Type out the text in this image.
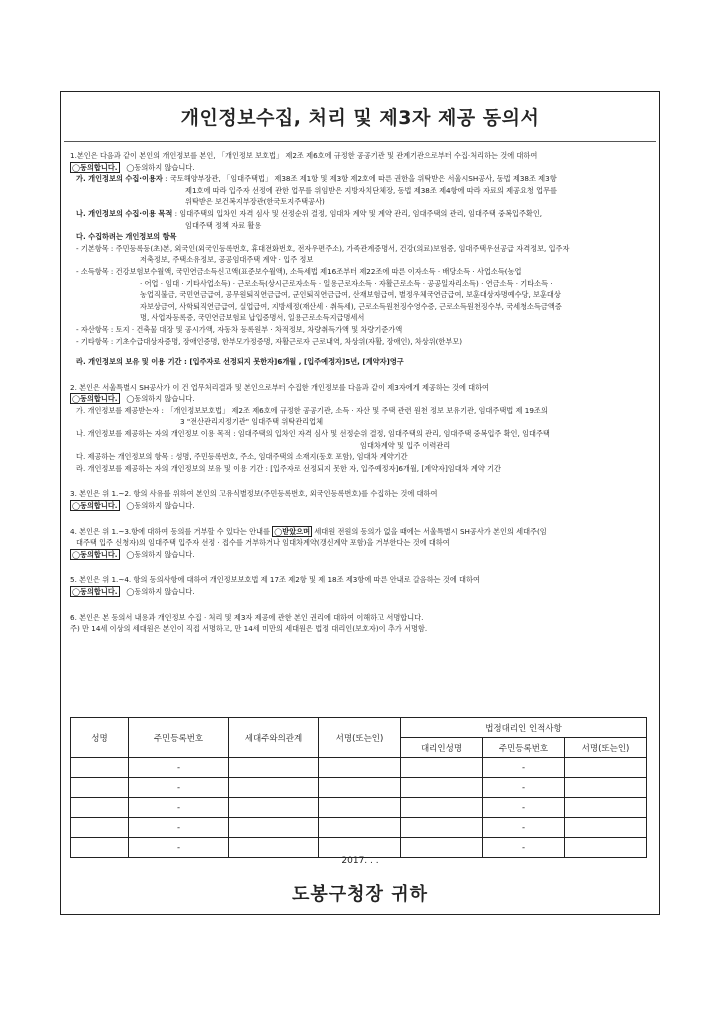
개인정보수집, 처리 및 제3자 제공 동의서
1.본인은 다음과 같이 본인의 개인정보를 본인, 「개인정보 보호법」 제2조 제6호에 규정한 공공기관 및 관계기관으로부터 수집·처리하는 것에 대하여
◯동의합니다. ◯동의하지 않습니다.
가. 개인정보의 수집·이용자 : 국토해양부장관, 「임대주택법」 제38조 제1항 및 제3항 제2호에 따른 권한을 위탁받은 서울시SH공사, 동법 제38조 제3항
제1호에 따라 입주자 선정에 관한 업무를 위임받은 지방자치단체장, 동법 제38조 제4항에 따라 자료의 제공요청 업무를
위탁받은 보건복지부장관(한국토지주택공사)
나. 개인정보의 수집·이용 목적 : 임대주택의 입차인 자격 심사 및 선정순위 결정, 임대차 계약 및 계약 관리, 임대주택의 관리, 임대주택 중복입주확인,
임대주택 정책 자료 활용
다. 수집하려는 개인정보의 항목
- 기본항목 : 주민등록등(초)본, 외국인(외국인등록번호, 휴대전화번호, 전자우편주소), 가족관계증명서, 건강(의료)보험증, 임대주택우선공급 자격정보, 입주자
저축정보, 주택소유정보, 공공임대주택 계약 · 입주 정보
- 소득항목 : 건강보험보수월액, 국민연금소득신고액(표준보수월액), 소득세법 제16조부터 제22조에 따른 이자소득 · 배당소득 · 사업소득(농업
· 어업 · 임대 · 기타사업소득) · 근로소득(상시근로자소득 · 일용근로자소득 · 자활근로소득 · 공공일자리소득) · 연금소득 · 기타소득 ·
농업직불금, 국민연금급여, 공무원퇴직연금급여, 군인퇴직연금급여, 산재보험급여, 별정우체국연금급여, 보훈대상자명예수당, 보훈대상
자보상금여, 사학퇴직연금급여, 실업급여, 지방세정(재산세 · 취득세), 근로소득원천징수영수증, 근로소득원천징수부, 국세청소득금액증
명, 사업자등록증, 국민연금보험료 납입증명서, 일용근로소득지급명세서
- 자산항목 : 토지 · 건축물 대장 및 공시가액, 자동차 등록원부 · 차적정보, 차량취득가액 및 차량기준가액
- 기타항목 : 기초수급대상자증명, 장애인증명, 한부모가정증명, 자활근로자 근로내역, 차상위(자활, 장애인), 차상위(한부모)
라. 개인정보의 보유 및 이용 기간 : [입주자로 선정되지 못한자]6개월 , [입주예정자]5년, [계약자]영구
2. 본인은 서울특별시 SH공사가 이 건 업무처리결과 및 본인으로부터 수집한 개인정보를 다음과 같이 제3자에게 제공하는 것에 대하여
◯동의합니다. ◯동의하지 않습니다.
가. 개인정보를 제공받는자 : 「개인정보보호법」 제2조 제6호에 규정한 공공기관, 소득 · 자산 및 주택 관련 원천 정보 보유기관, 임대주택법 제 19조의
3 "전산관리지정기관" 임대주택 위탁관리업체
나. 개인정보를 제공하는 자의 개인정보 이용 목적 : 임대주택의 입차인 자격 심사 및 선정순위 결정, 임대주택의 관리, 임대주택 중복입주 확인, 임대주택
임대차계약 및 입주 이력관리
다. 제공하는 개인정보의 항목 : 성명, 주민등록번호, 주소, 임대주택의 소재지(동호 포함), 임대차 계약기간
라. 개인정보를 제공하는 자의 개인정보의 보유 및 이용 기간 : [입주자로 선정되지 못한 자, 입주예정자]6개월, [계약자]임대차 계약 기간
3. 본인은 위 1.~2. 항의 사유를 위하여 본인의 고유식별정보(주민등록번호, 외국인등록번호)를 수집하는 것에 대하여
◯동의합니다. ◯동의하지 않습니다.
4. 본인은 위 1.~3.항에 대하여 동의를 거부할 수 있다는 안내를 ◯받았으며 세대원 전원의 동의가 없을 때에는 서울특별시 SH공사가 본인의 세대주(임
대주택 입주 신청자)의 임대주택 입주자 선정 · 접수를 거부하거나 임대차계약(갱신계약 포함)을 거부한다는 것에 대하여
◯동의합니다. ◯동의하지 않습니다.
5. 본인은 위 1.~4. 항의 동의사항에 대하여 개인정보보호법 제 17조 제2항 및 제 18조 제3항에 따른 안내로 갈음하는 것에 대하여
◯동의합니다. ◯동의하지 않습니다.
6. 본인은 본 동의서 내용과 개인정보 수집 · 처리 및 제3자 제공에 관한 본인 권리에 대하여 이해하고 서명합니다.
주) 만 14세 이상의 세대원은 본인이 직접 서명하고, 만 14세 미만의 세대원은 법정 대리인(보호자)이 추가 서명함.
성명	주민등록번호	세대주와의관계	서명(또는인)	법정대리인 인적사항		
				대리인성명	주민등록번호	서명(또는인)
	-				-	
	-				-	
	-				-	
	-				-	
	-				-	
2017. . .
도봉구청장 귀하
